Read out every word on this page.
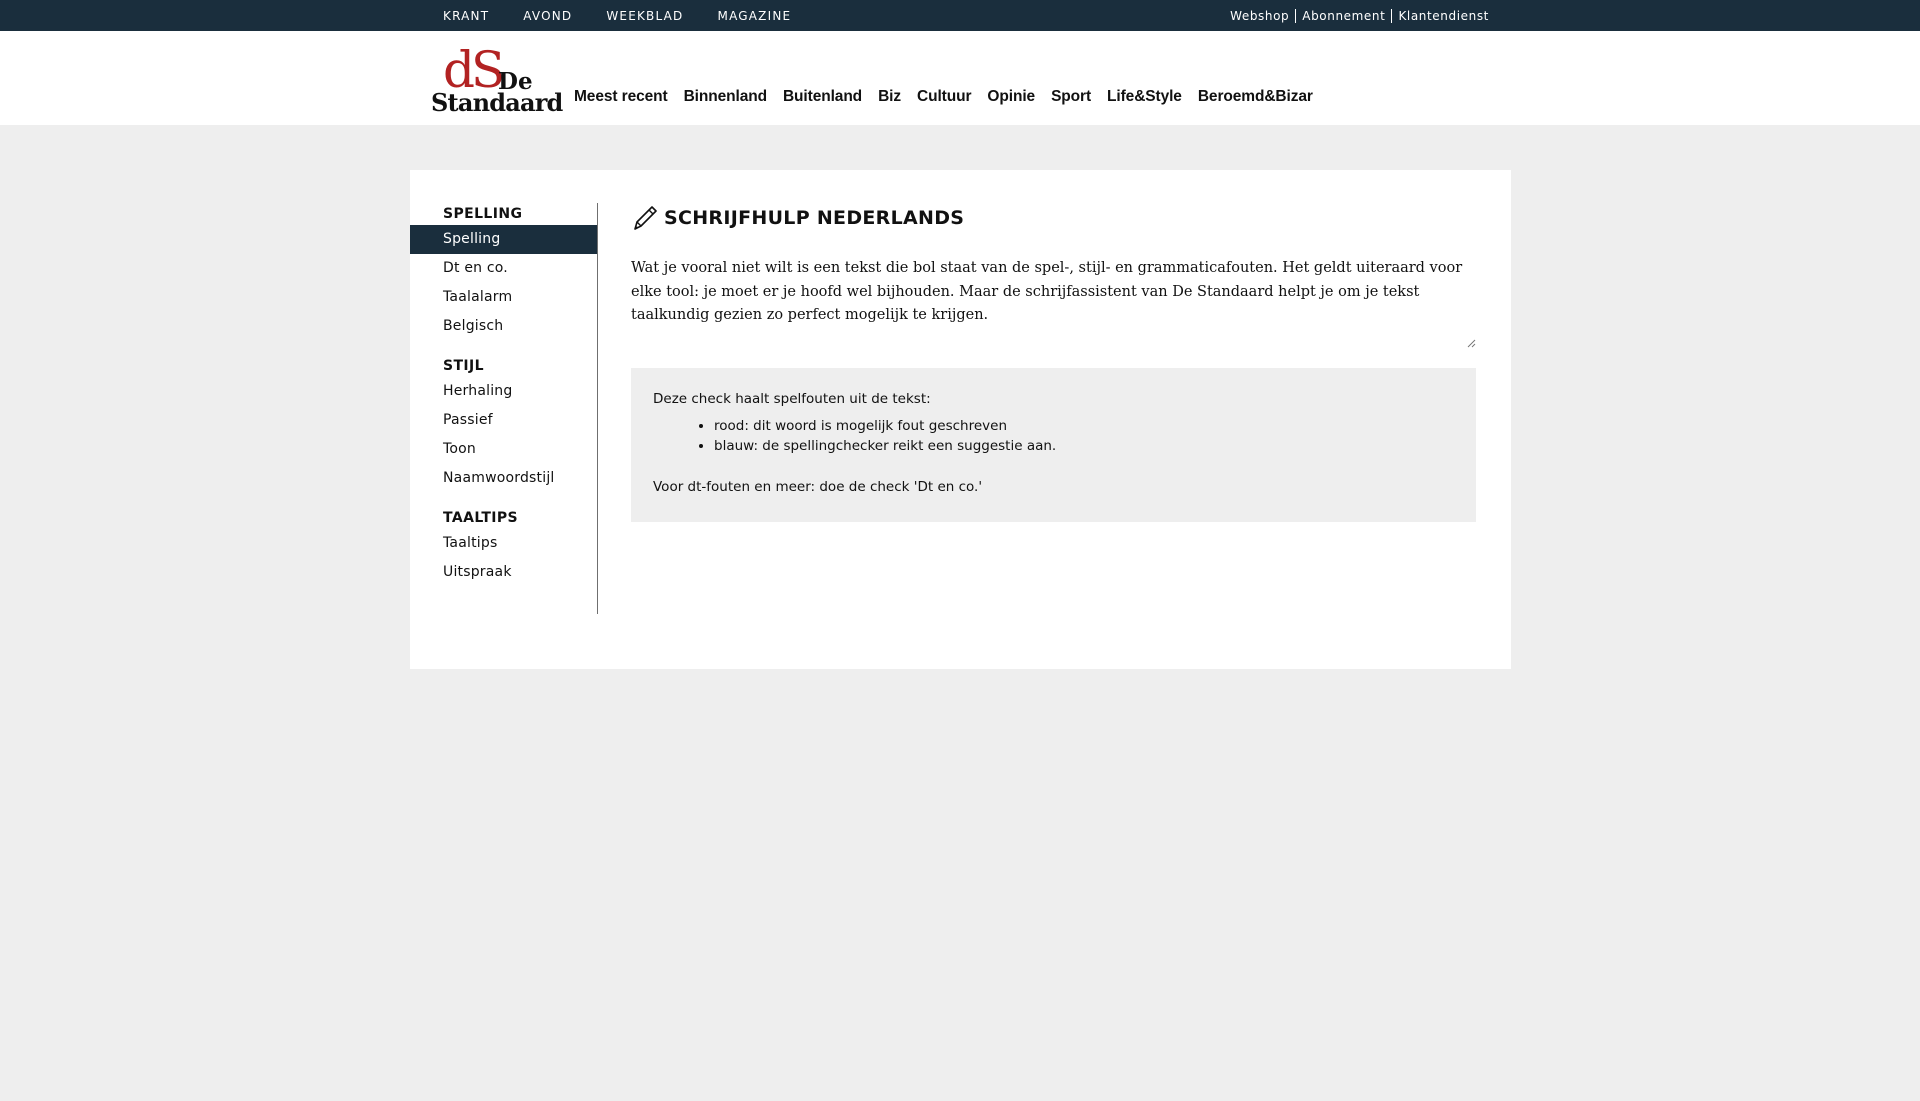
KRANT	AVOND	WEEKBLAD	MAGAZINE	Webshop	Abonnement	Klantendienst
dS
De
Standaard Meest recent Binnenland Buitenland Biz Cultuur Opinie Sport Life&Style Beroemd&Bizar
SPELLING
Spelling
Dt en co.
Taalalarm
Belgisch
STIJL
Herhaling
Passief
Toon
Naamwoordstijl
TAALTIPS
Taaltips
Uitspraak
SCHRIJFHULP NEDERLANDS
Wat je vooral niet wilt is een tekst die bol staat van de spel-, stijl- en grammaticafouten. Het geldt uiteraard voor elke tool: je moet er je hoofd wel bijhouden. Maar de schrijfassistent van De Standaard helpt je om je tekst taalkundig gezien zo perfect mogelijk te krijgen.
Deze check haalt spelfouten uit de tekst:
• rood: dit woord is mogelijk fout geschreven
• blauw: de spellingchecker reikt een suggestie aan.
Voor dt-fouten en meer: doe de check 'Dt en co.'
